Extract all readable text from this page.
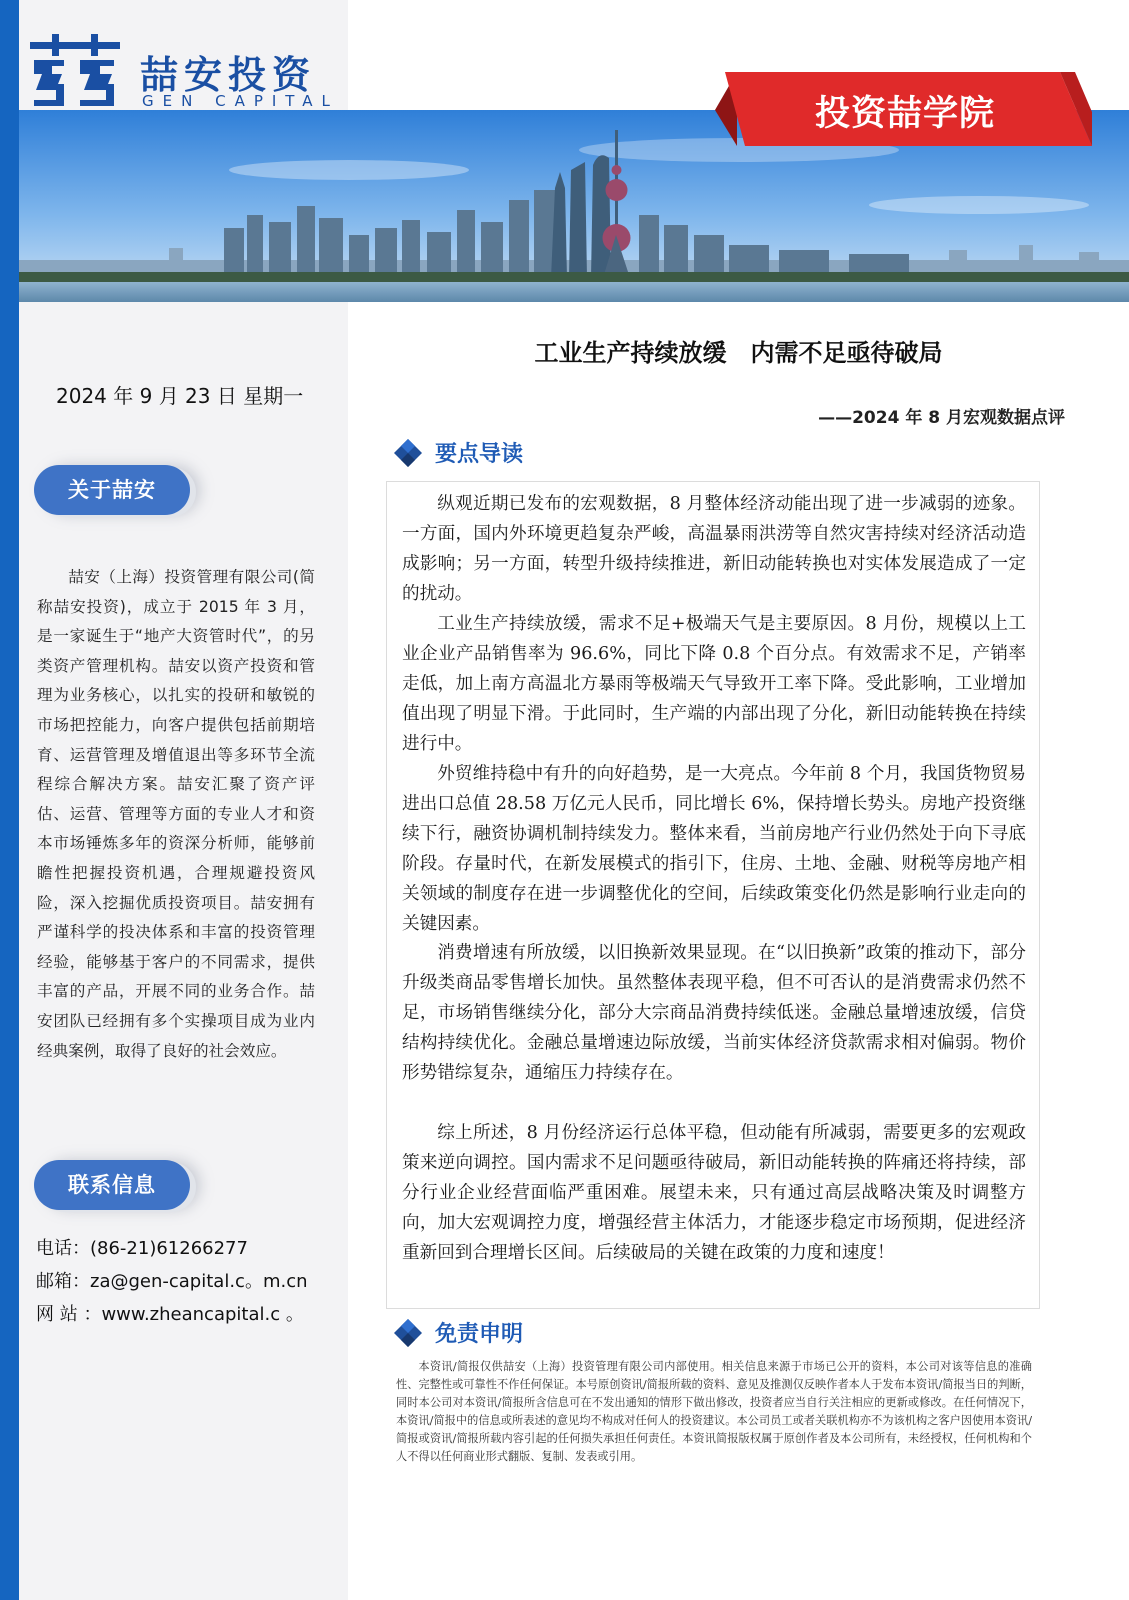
喆安投资
GEN CAPITAL	投资喆学院
2024 年 9 月 23 日 星期一
关于喆安
喆安（上海）投资管理有限公司(简称喆安投资)，成立于 2015 年 3 月，是一家诞生于“地产大资管时代”，的另类资产管理机构。喆安以资产投资和管理为业务核心，以扎实的投研和敏锐的市场把控能力，向客户提供包括前期培育、运营管理及增值退出等多环节全流程综合解决方案。喆安汇聚了资产评估、运营、管理等方面的专业人才和资本市场锤炼多年的资深分析师，能够前瞻性把握投资机遇，合理规避投资风险，深入挖掘优质投资项目。喆安拥有严谨科学的投决体系和丰富的投资管理经验，能够基于客户的不同需求，提供丰富的产品，开展不同的业务合作。喆安团队已经拥有多个实操项目成为业内经典案例，取得了良好的社会效应。
联系信息
电话：(86-21)61266277
邮箱：za@gen-capital.c。m.cn
网 站 ：www.zheancapital.c 。
工业生产持续放缓　内需不足亟待破局
——2024 年 8 月宏观数据点评
要点导读

纵观近期已发布的宏观数据，8 月整体经济动能出现了进一步减弱的迹象。一方面，国内外环境更趋复杂严峻，高温暴雨洪涝等自然灾害持续对经济活动造成影响；另一方面，转型升级持续推进，新旧动能转换也对实体发展造成了一定的扰动。

工业生产持续放缓，需求不足+极端天气是主要原因。8 月份，规模以上工业企业产品销售率为 96.6%，同比下降 0.8 个百分点。有效需求不足，产销率走低，加上南方高温北方暴雨等极端天气导致开工率下降。受此影响，工业增加值出现了明显下滑。于此同时，生产端的内部出现了分化，新旧动能转换在持续进行中。

外贸维持稳中有升的向好趋势，是一大亮点。今年前 8 个月，我国货物贸易进出口总值 28.58 万亿元人民币，同比增长 6%，保持增长势头。房地产投资继续下行，融资协调机制持续发力。整体来看，当前房地产行业仍然处于向下寻底阶段。存量时代，在新发展模式的指引下，住房、土地、金融、财税等房地产相关领域的制度存在进一步调整优化的空间，后续政策变化仍然是影响行业走向的关键因素。

消费增速有所放缓，以旧换新效果显现。在“以旧换新”政策的推动下，部分升级类商品零售增长加快。虽然整体表现平稳，但不可否认的是消费需求仍然不足，市场销售继续分化，部分大宗商品消费持续低迷。金融总量增速放缓，信贷结构持续优化。金融总量增速边际放缓，当前实体经济贷款需求相对偏弱。物价形势错综复杂，通缩压力持续存在。

综上所述，8 月份经济运行总体平稳，但动能有所减弱，需要更多的宏观政策来逆向调控。国内需求不足问题亟待破局，新旧动能转换的阵痛还将持续，部分行业企业经营面临严重困难。展望未来，只有通过高层战略决策及时调整方向，加大宏观调控力度，增强经营主体活力，才能逐步稳定市场预期，促进经济重新回到合理增长区间。后续破局的关键在政策的力度和速度！

免责申明

本资讯/简报仅供喆安（上海）投资管理有限公司内部使用。相关信息来源于市场已公开的资料，本公司对该等信息的准确性、完整性或可靠性不作任何保证。本号原创资讯/简报所载的资料、意见及推测仅反映作者本人于发布本资讯/简报当日的判断，同时本公司对本资讯/简报所含信息可在不发出通知的情形下做出修改，投资者应当自行关注相应的更新或修改。在任何情况下，本资讯/简报中的信息或所表述的意见均不构成对任何人的投资建议。本公司员工或者关联机构亦不为该机构之客户因使用本资讯/简报或资讯/简报所载内容引起的任何损失承担任何责任。本资讯简报版权属于原创作者及本公司所有，未经授权，任何机构和个人不得以任何商业形式翻版、复制、发表或引用。
